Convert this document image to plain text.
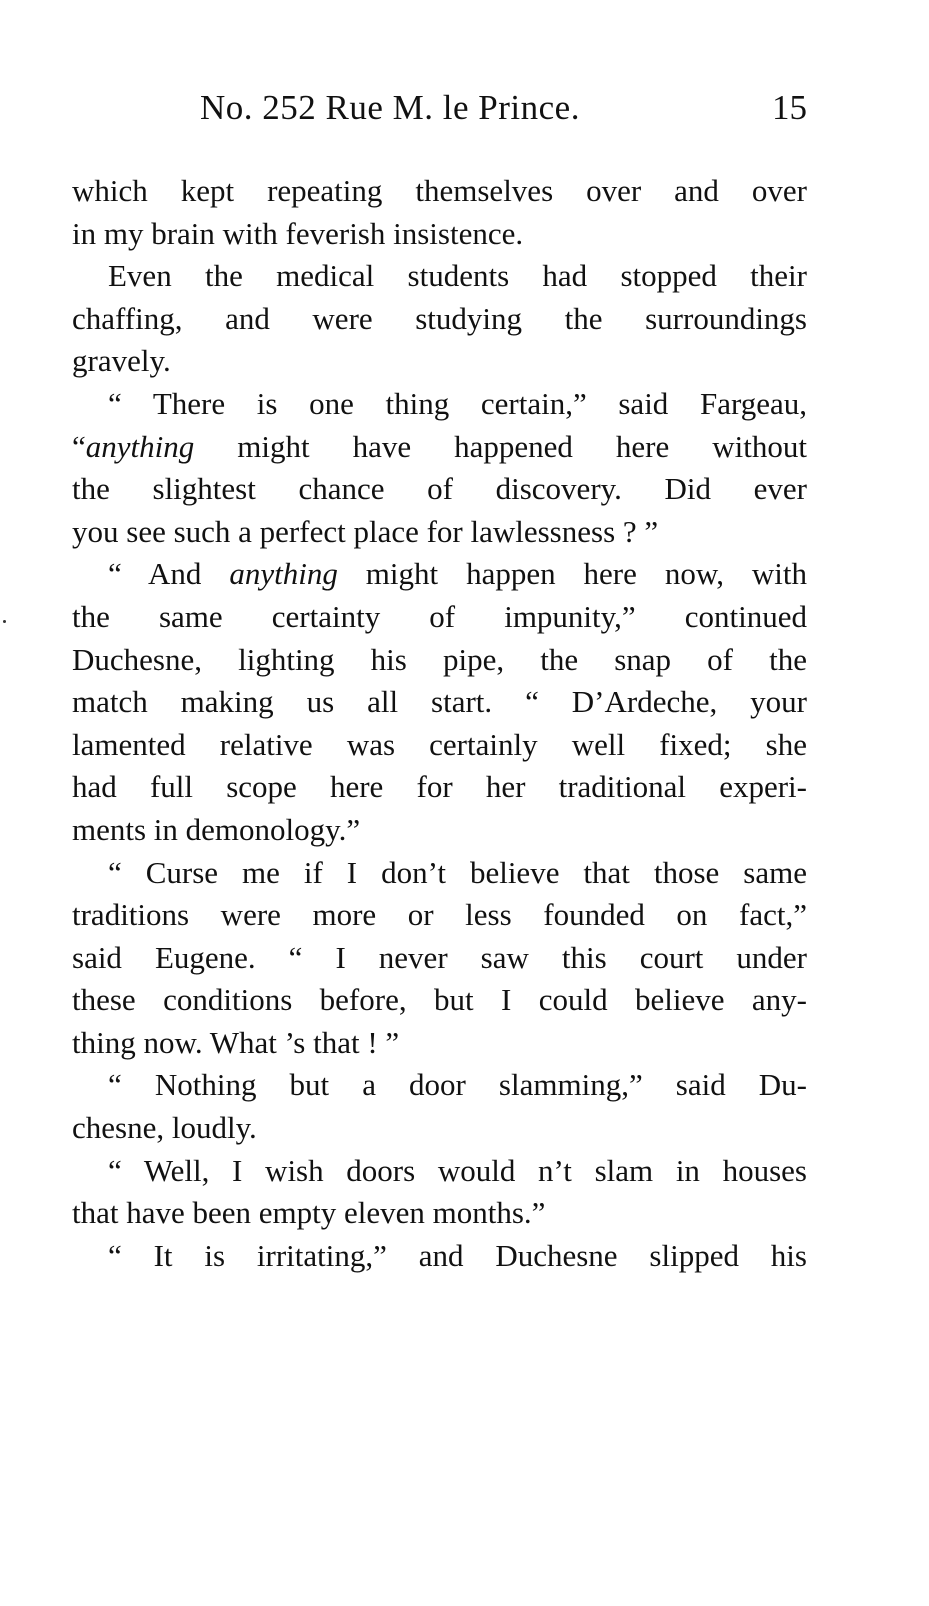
No. 252 Rue M. le Prince.	15

which kept repeating themselves over and over
in my brain with feverish insistence.

Even the medical students had stopped their
chaffing, and were studying the surroundings
gravely.

“ There is one thing certain,” said Fargeau,
“anything might have happened here without
the slightest chance of discovery. Did ever
you see such a perfect place for lawlessness ? ”

“ And anything might happen here now, with
the same certainty of impunity,” continued
Duchesne, lighting his pipe, the snap of the
match making us all start. “ D’Ardeche, your
lamented relative was certainly well fixed; she
had full scope here for her traditional experi-
ments in demonology.”

“ Curse me if I don’t believe that those same
traditions were more or less founded on fact,”
said Eugene. “ I never saw this court under
these conditions before, but I could believe any-
thing now. What ’s that ! ”

“ Nothing but a door slamming,” said Du-
chesne, loudly.

“ Well, I wish doors would n’t slam in houses
that have been empty eleven months.”

“ It is irritating,” and Duchesne slipped his
